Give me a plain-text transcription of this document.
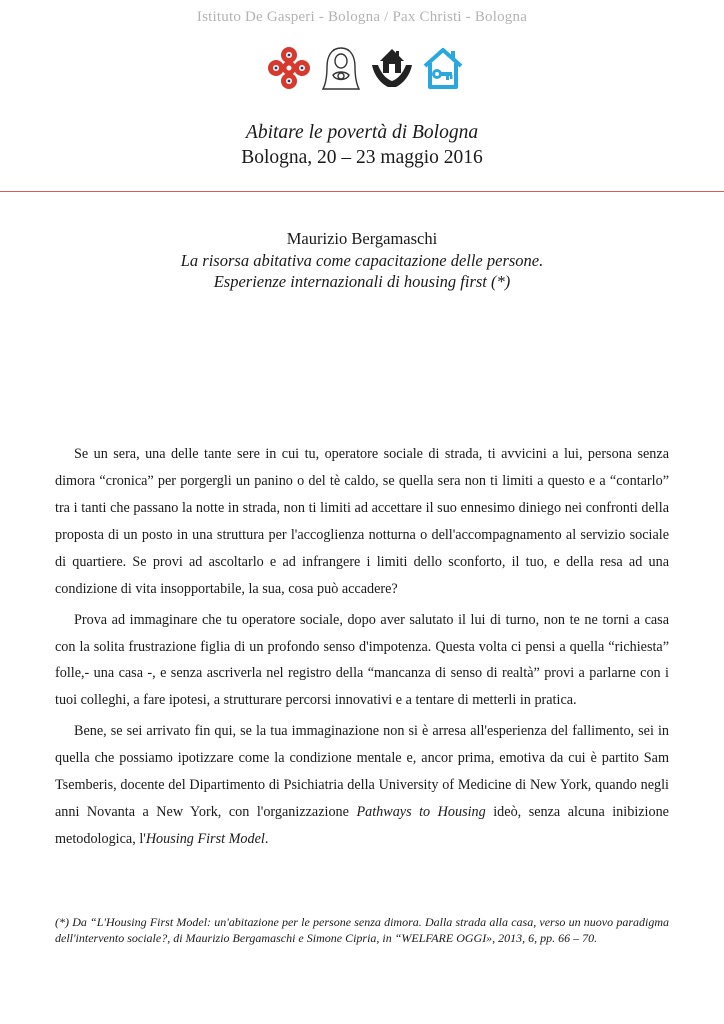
Istituto De Gasperi - Bologna / Pax Christi - Bologna
Abitare le povertà di Bologna
Bologna, 20 – 23 maggio 2016
Maurizio Bergamaschi
La risorsa abitativa come capacitazione delle persone.
Esperienze internazionali di housing first (*)

Se un sera, una delle tante sere in cui tu, operatore sociale di strada, ti avvicini a lui, persona senza dimora “cronica” per porgergli un panino o del tè caldo, se quella sera non ti limiti a questo e a “contarlo” tra i tanti che passano la notte in strada, non ti limiti ad accettare il suo ennesimo diniego nei confronti della proposta di un posto in una struttura per l'accoglienza notturna o dell'accompagnamento al servizio sociale di quartiere. Se provi ad ascoltarlo e ad infrangere i limiti dello sconforto, il tuo, e della resa ad una condizione di vita insopportabile, la sua, cosa può accadere?

Prova ad immaginare che tu operatore sociale, dopo aver salutato il lui di turno, non te ne torni a casa con la solita frustrazione figlia di un profondo senso d'impotenza. Questa volta ci pensi a quella “richiesta” folle,- una casa -, e senza ascriverla nel registro della “mancanza di senso di realtà” provi a parlarne con i tuoi colleghi, a fare ipotesi, a strutturare percorsi innovativi e a tentare di metterli in pratica.

Bene, se sei arrivato fin qui, se la tua immaginazione non si è arresa all'esperienza del fallimento, sei in quella che possiamo ipotizzare come la condizione mentale e, ancor prima, emotiva da cui è partito Sam Tsemberis, docente del Dipartimento di Psichiatria della University of Medicine di New York, quando negli anni Novanta a New York, con l'organizzazione Pathways to Housing ideò, senza alcuna inibizione metodologica, l'Housing First Model.

(*) Da “L'Housing First Model: un'abitazione per le persone senza dimora. Dalla strada alla casa, verso un nuovo paradigma dell'intervento sociale?, di Maurizio Bergamaschi e Simone Cipria, in “WELFARE OGGI», 2013, 6, pp. 66 – 70.
